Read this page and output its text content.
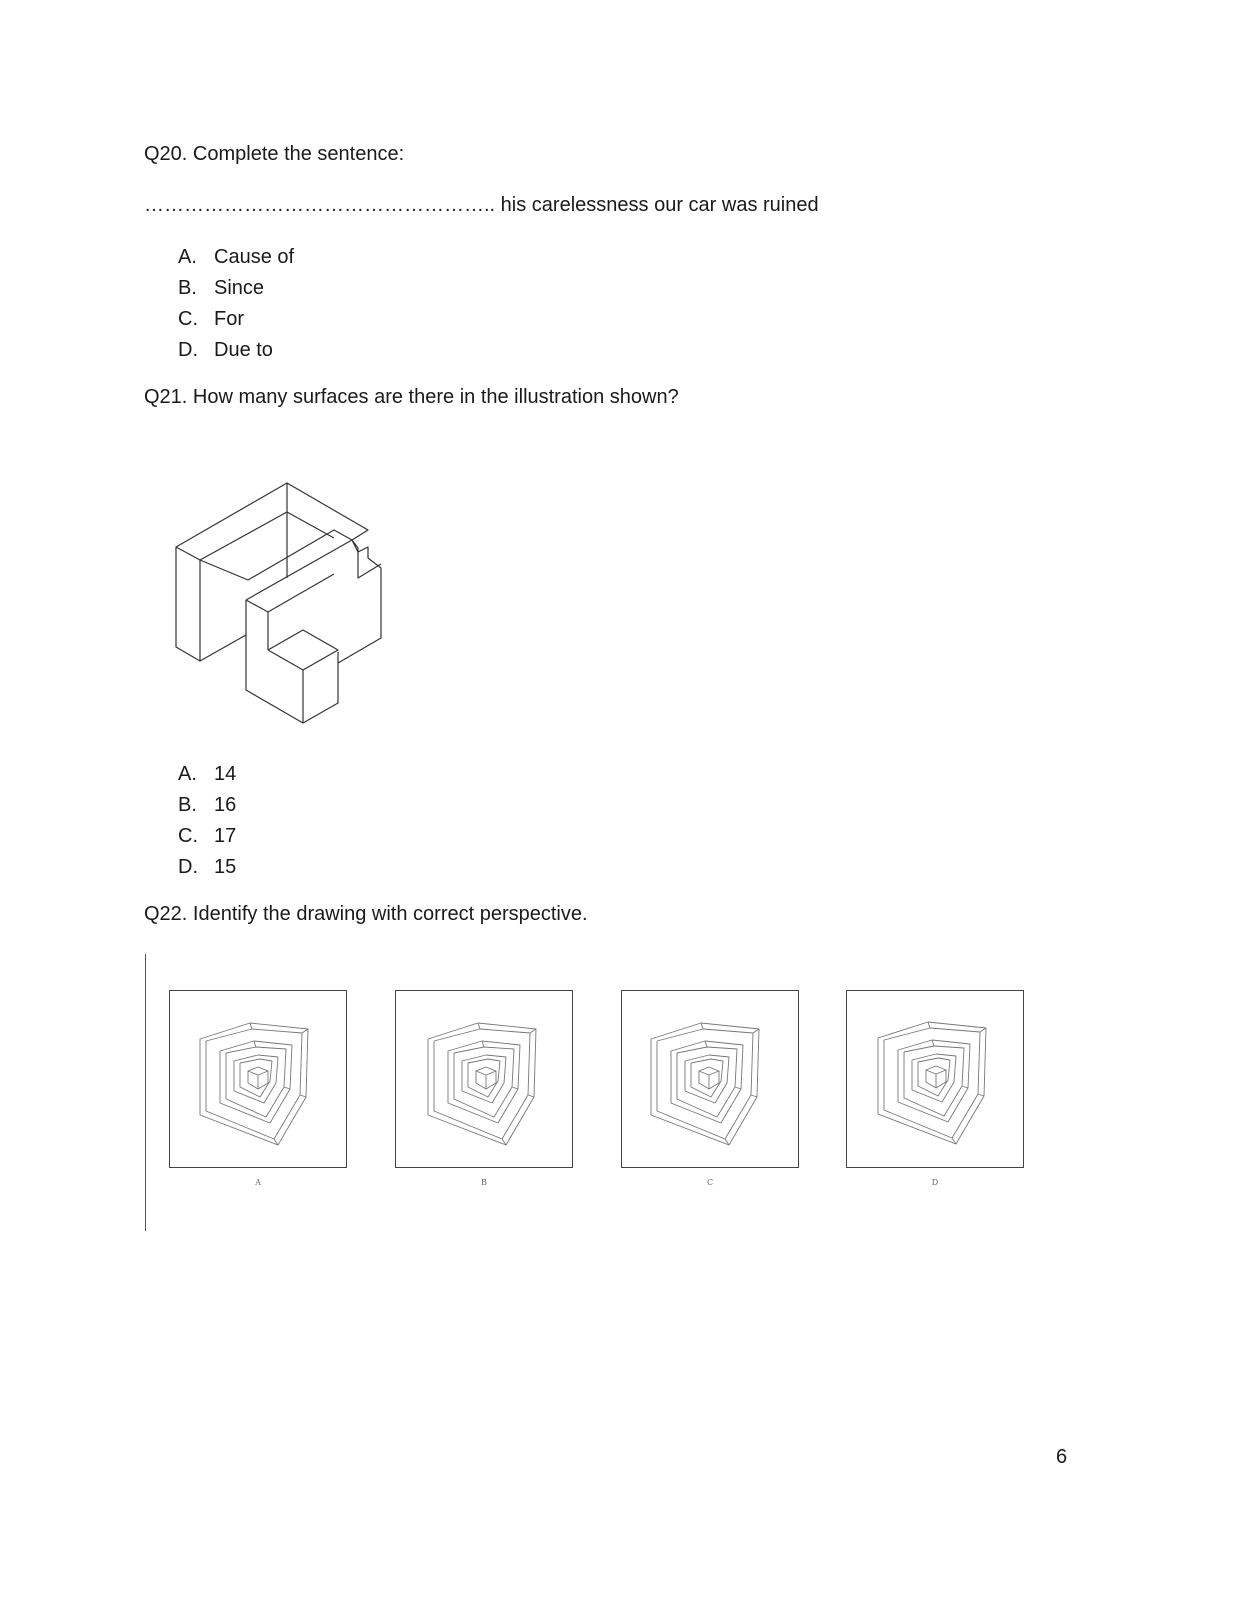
Q20. Complete the sentence:
…………………………………………….. his carelessness our car was ruined
A. Cause of
B. Since
C. For
D. Due to
Q21. How many surfaces are there in the illustration shown?
A. 14
B. 16
C. 17
D. 15
Q22. Identify the drawing with correct perspective.
A	B	C	D
6
